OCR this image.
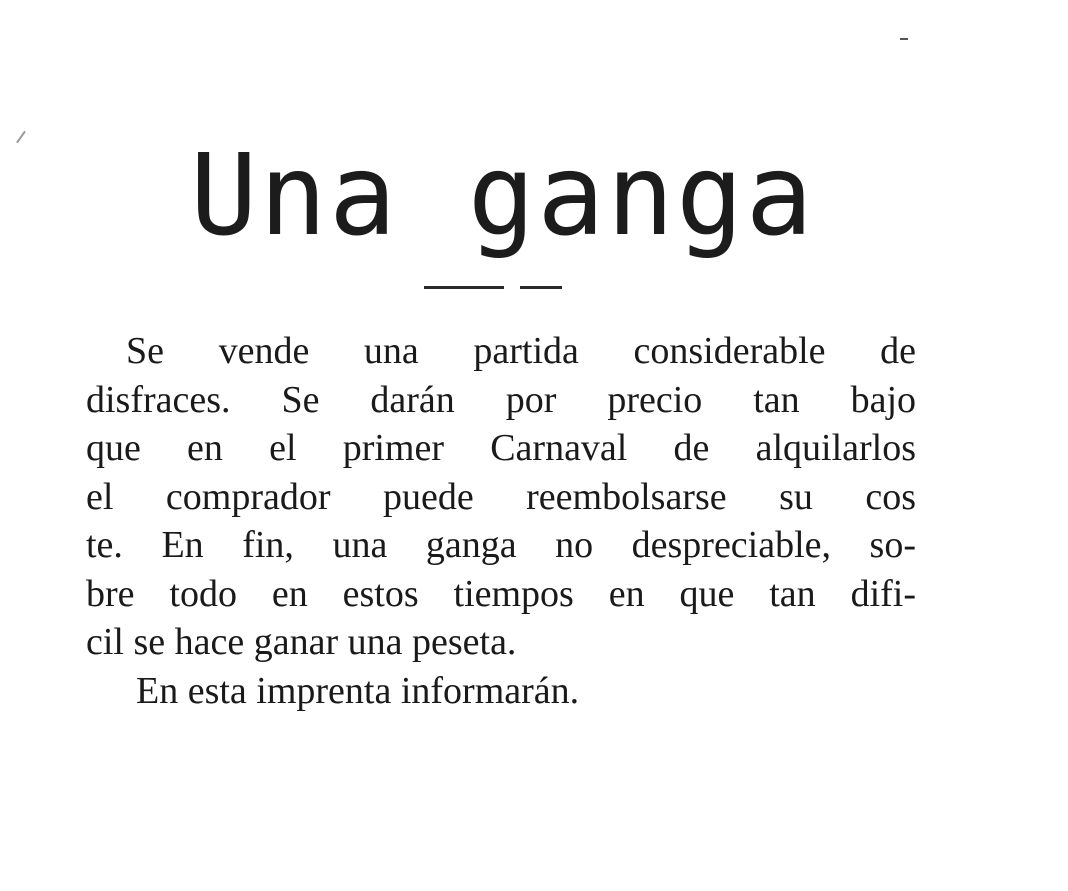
Una ganga
Se vende una partida considerable de
disfraces. Se darán por precio tan bajo
que en el primer Carnaval de alquilarlos
el comprador puede reembolsarse su cos
te. En fin, una ganga no despreciable, so-
bre todo en estos tiempos en que tan difi-
cil se hace ganar una peseta.
En esta imprenta informarán.
